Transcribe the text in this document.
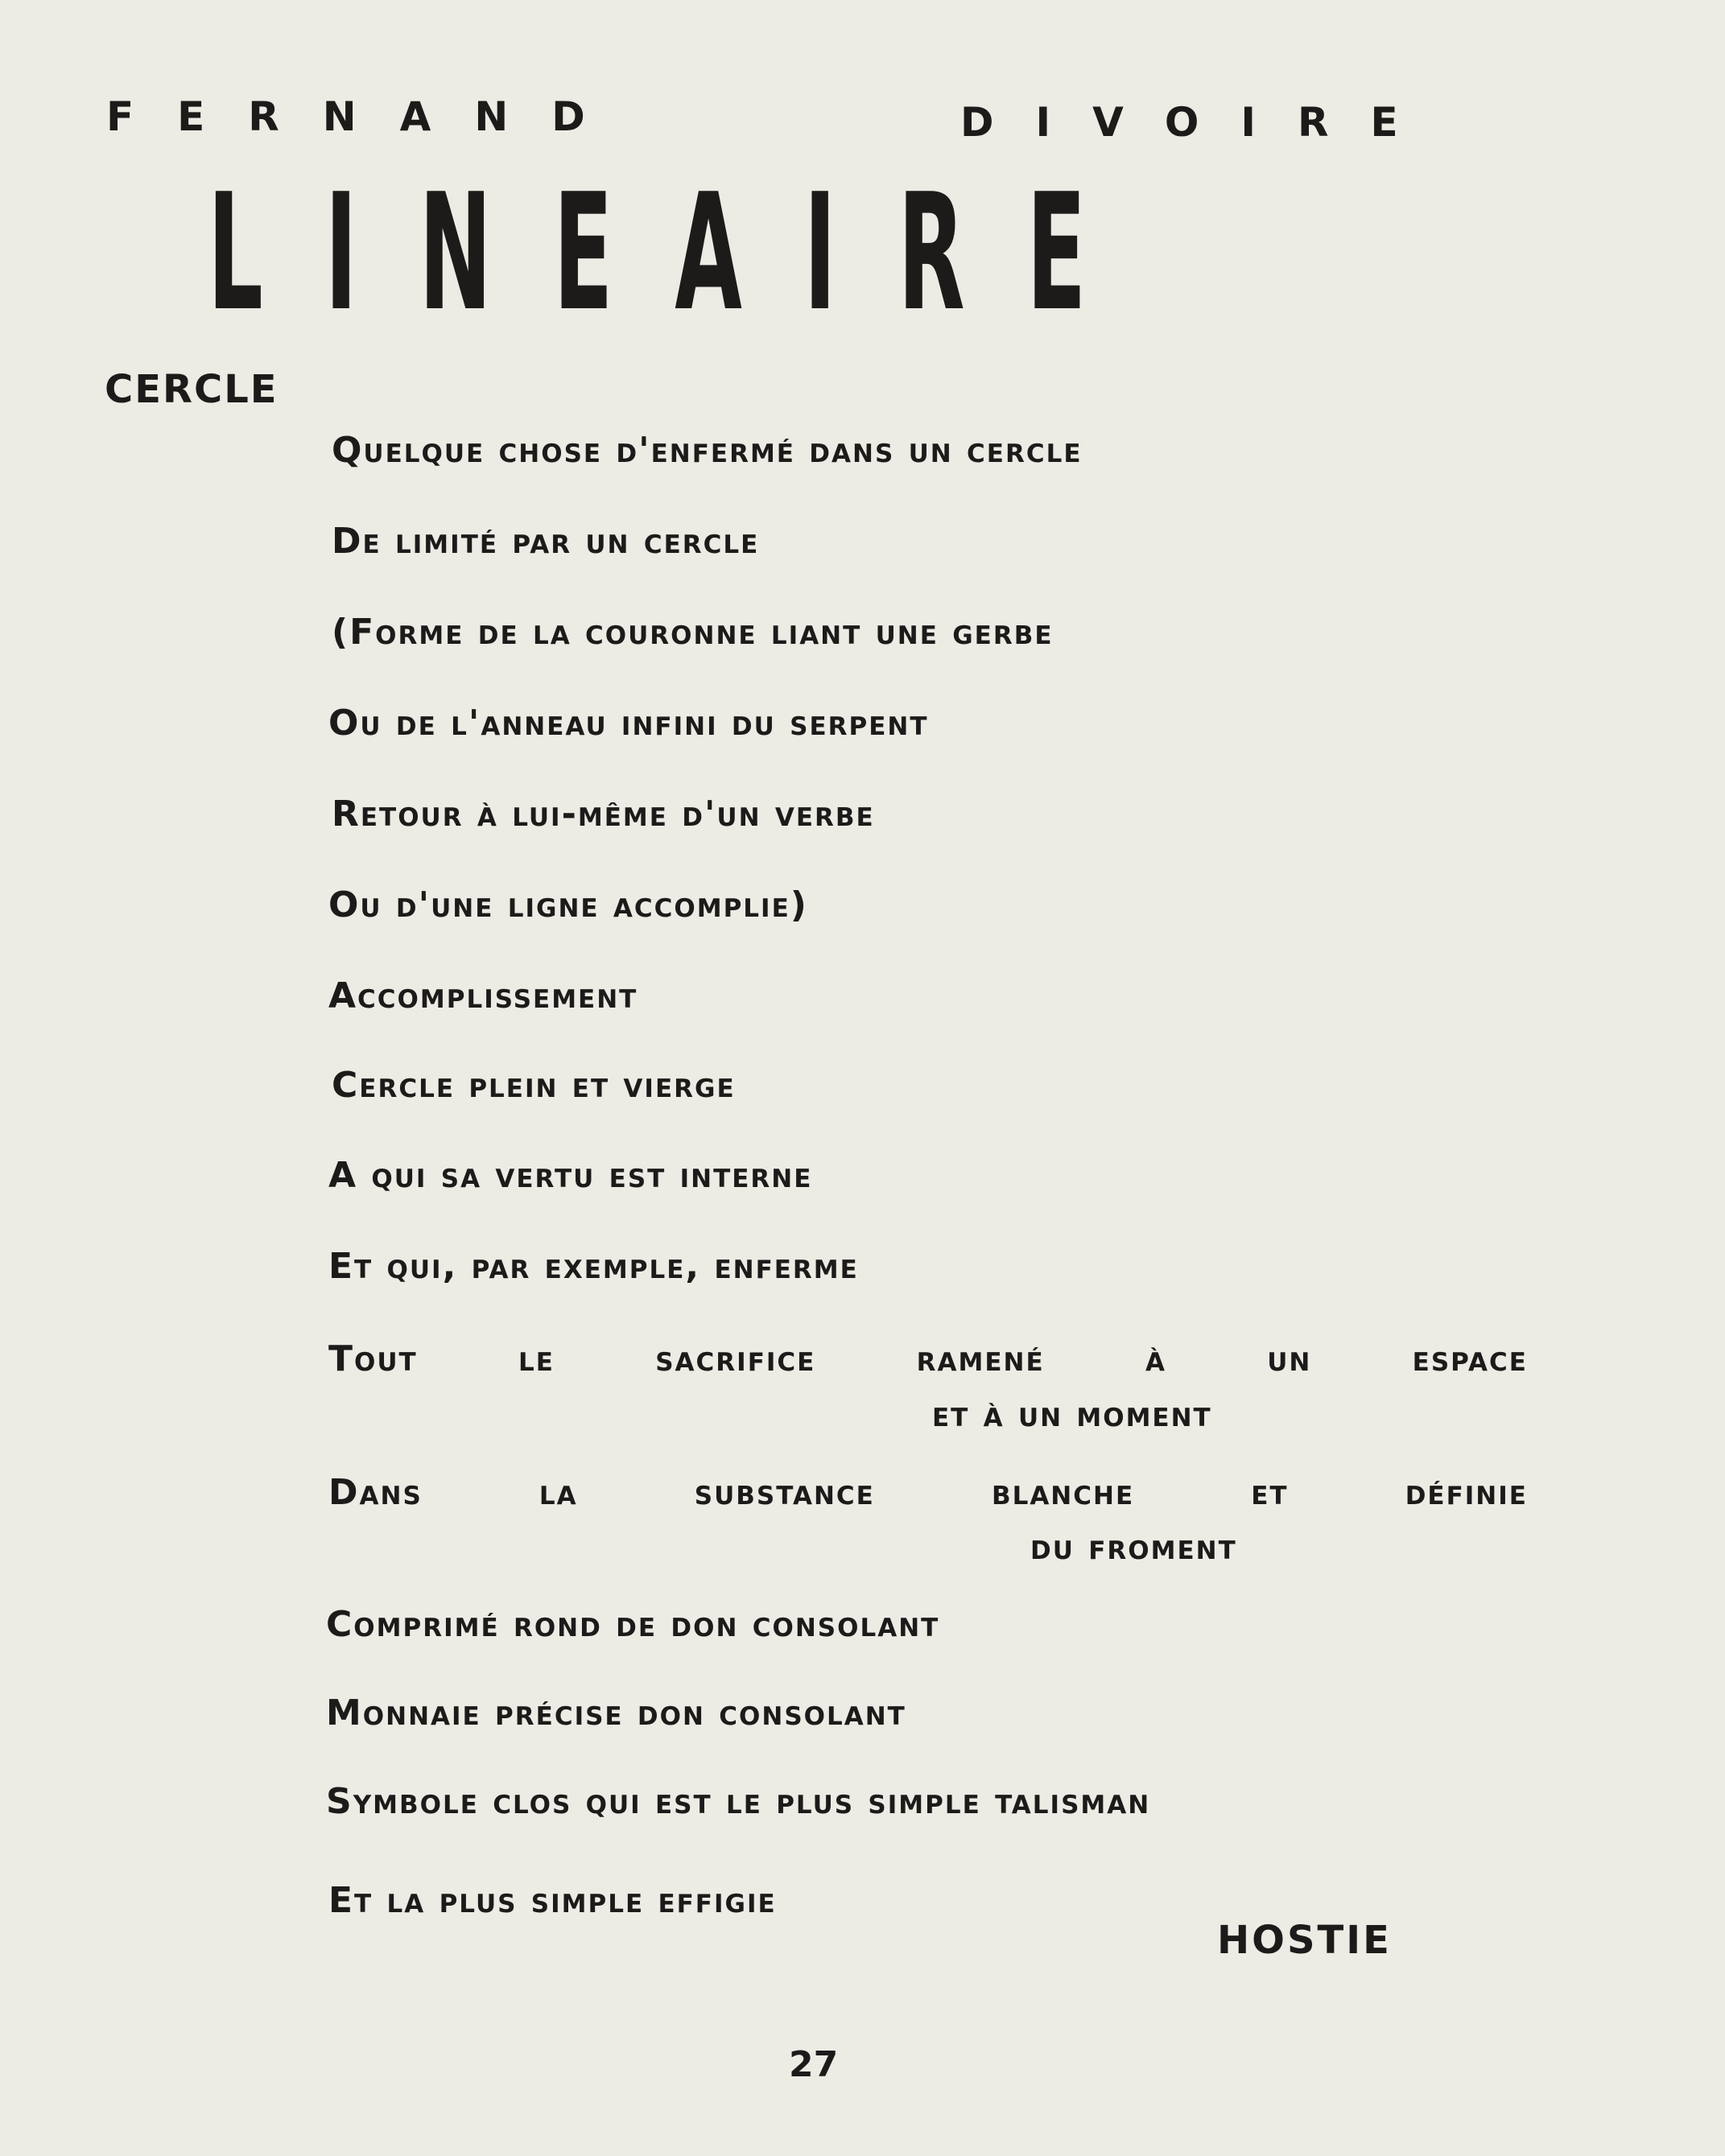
FERNAND	DIVOIRE
LINEAIRE
CERCLE
Quelque chose d'enfermé dans un cercle
De limité par un cercle
(Forme de la couronne liant une gerbe
Ou de l'anneau infini du serpent
Retour à lui-même d'un verbe
Ou d'une ligne accomplie)
Accomplissement
Cercle plein et vierge
A qui sa vertu est interne
Et qui, par exemple, enferme
Tout	le	sacrifice	ramené	à	un	espace
et à un moment
Dans	la	substance	blanche	et	définie
du froment
Comprimé rond de don consolant
Monnaie précise don consolant
Symbole clos qui est le plus simple talisman
Et la plus simple effigie
HOSTIE
27
